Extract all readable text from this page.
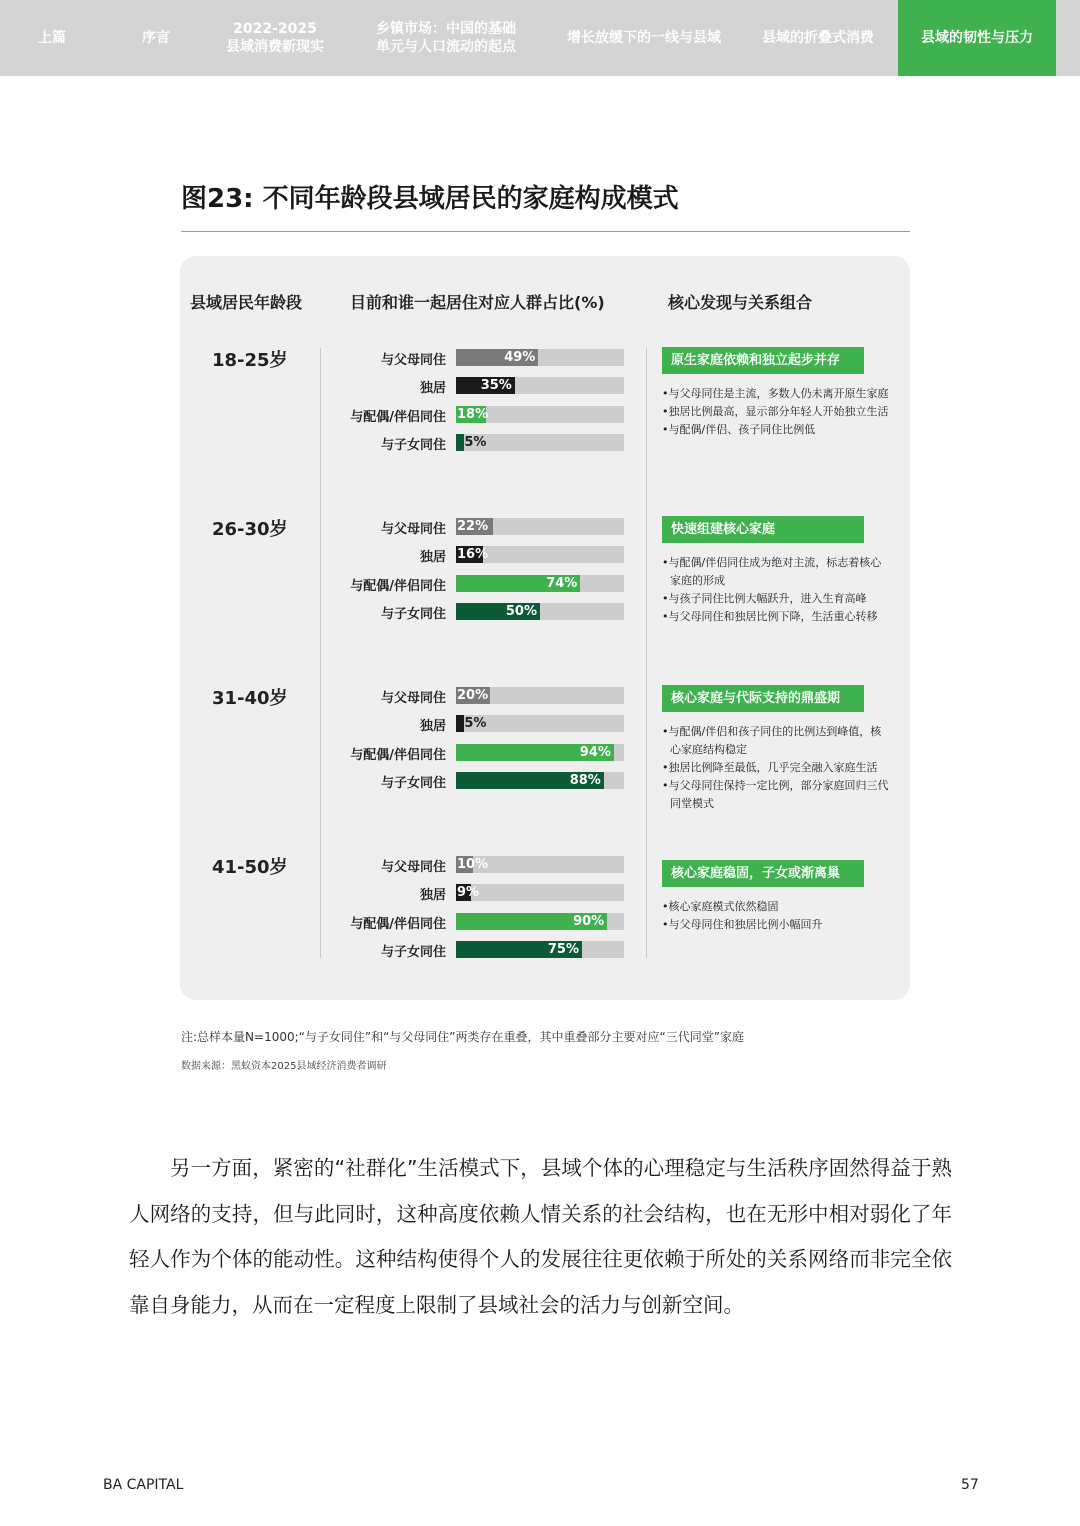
上篇	序言
2022-2025
县域消费新现实
乡镇市场：中国的基础
单元与人口流动的起点
增长放缓下的一线与县域	县域的折叠式消费	县域的韧性与压力
图23: 不同年龄段县域居民的家庭构成模式
县域居民年龄段	目前和谁一起居住对应人群占比(%)	核心发现与关系组合
18-25岁	与父母同住	49%
独居	35%
与配偶/伴侣同住 18%
与子女同住 5%
26-30岁	与父母同住 22%
独居 16%
与配偶/伴侣同住	74%
与子女同住	50%
31-40岁	与父母同住 20%
独居 5%
与配偶/伴侣同住	94%
与子女同住	88%
41-50岁	与父母同住 10%
独居 9%
与配偶/伴侣同住	90%
与子女同住	75%
原生家庭依赖和独立起步并存
•与父母同住是主流，多数人仍未离开原生家庭
•独居比例最高，显示部分年轻人开始独立生活
•与配偶/伴侣、孩子同住比例低
快速组建核心家庭
•与配偶/伴侣同住成为绝对主流，标志着核心家庭的形成
•与孩子同住比例大幅跃升，进入生育高峰
•与父母同住和独居比例下降，生活重心转移
核心家庭与代际支持的鼎盛期
•与配偶/伴侣和孩子同住的比例达到峰值，核心家庭结构稳定
•独居比例降至最低，几乎完全融入家庭生活
•与父母同住保持一定比例，部分家庭回归三代同堂模式
核心家庭稳固，子女或渐离巢
•核心家庭模式依然稳固
•与父母同住和独居比例小幅回升
注:总样本量N=1000;“与子女同住”和“与父母同住”两类存在重叠，其中重叠部分主要对应“三代同堂”家庭
数据来源：黑蚁资本2025县域经济消费者调研
另一方面，紧密的“社群化”生活模式下，县域个体的心理稳定与生活秩序固然得益于熟人网络的支持，但与此同时，这种高度依赖人情关系的社会结构，也在无形中相对弱化了年轻人作为个体的能动性。这种结构使得个人的发展往往更依赖于所处的关系网络而非完全依靠自身能力，从而在一定程度上限制了县域社会的活力与创新空间。
BA CAPITAL	57
